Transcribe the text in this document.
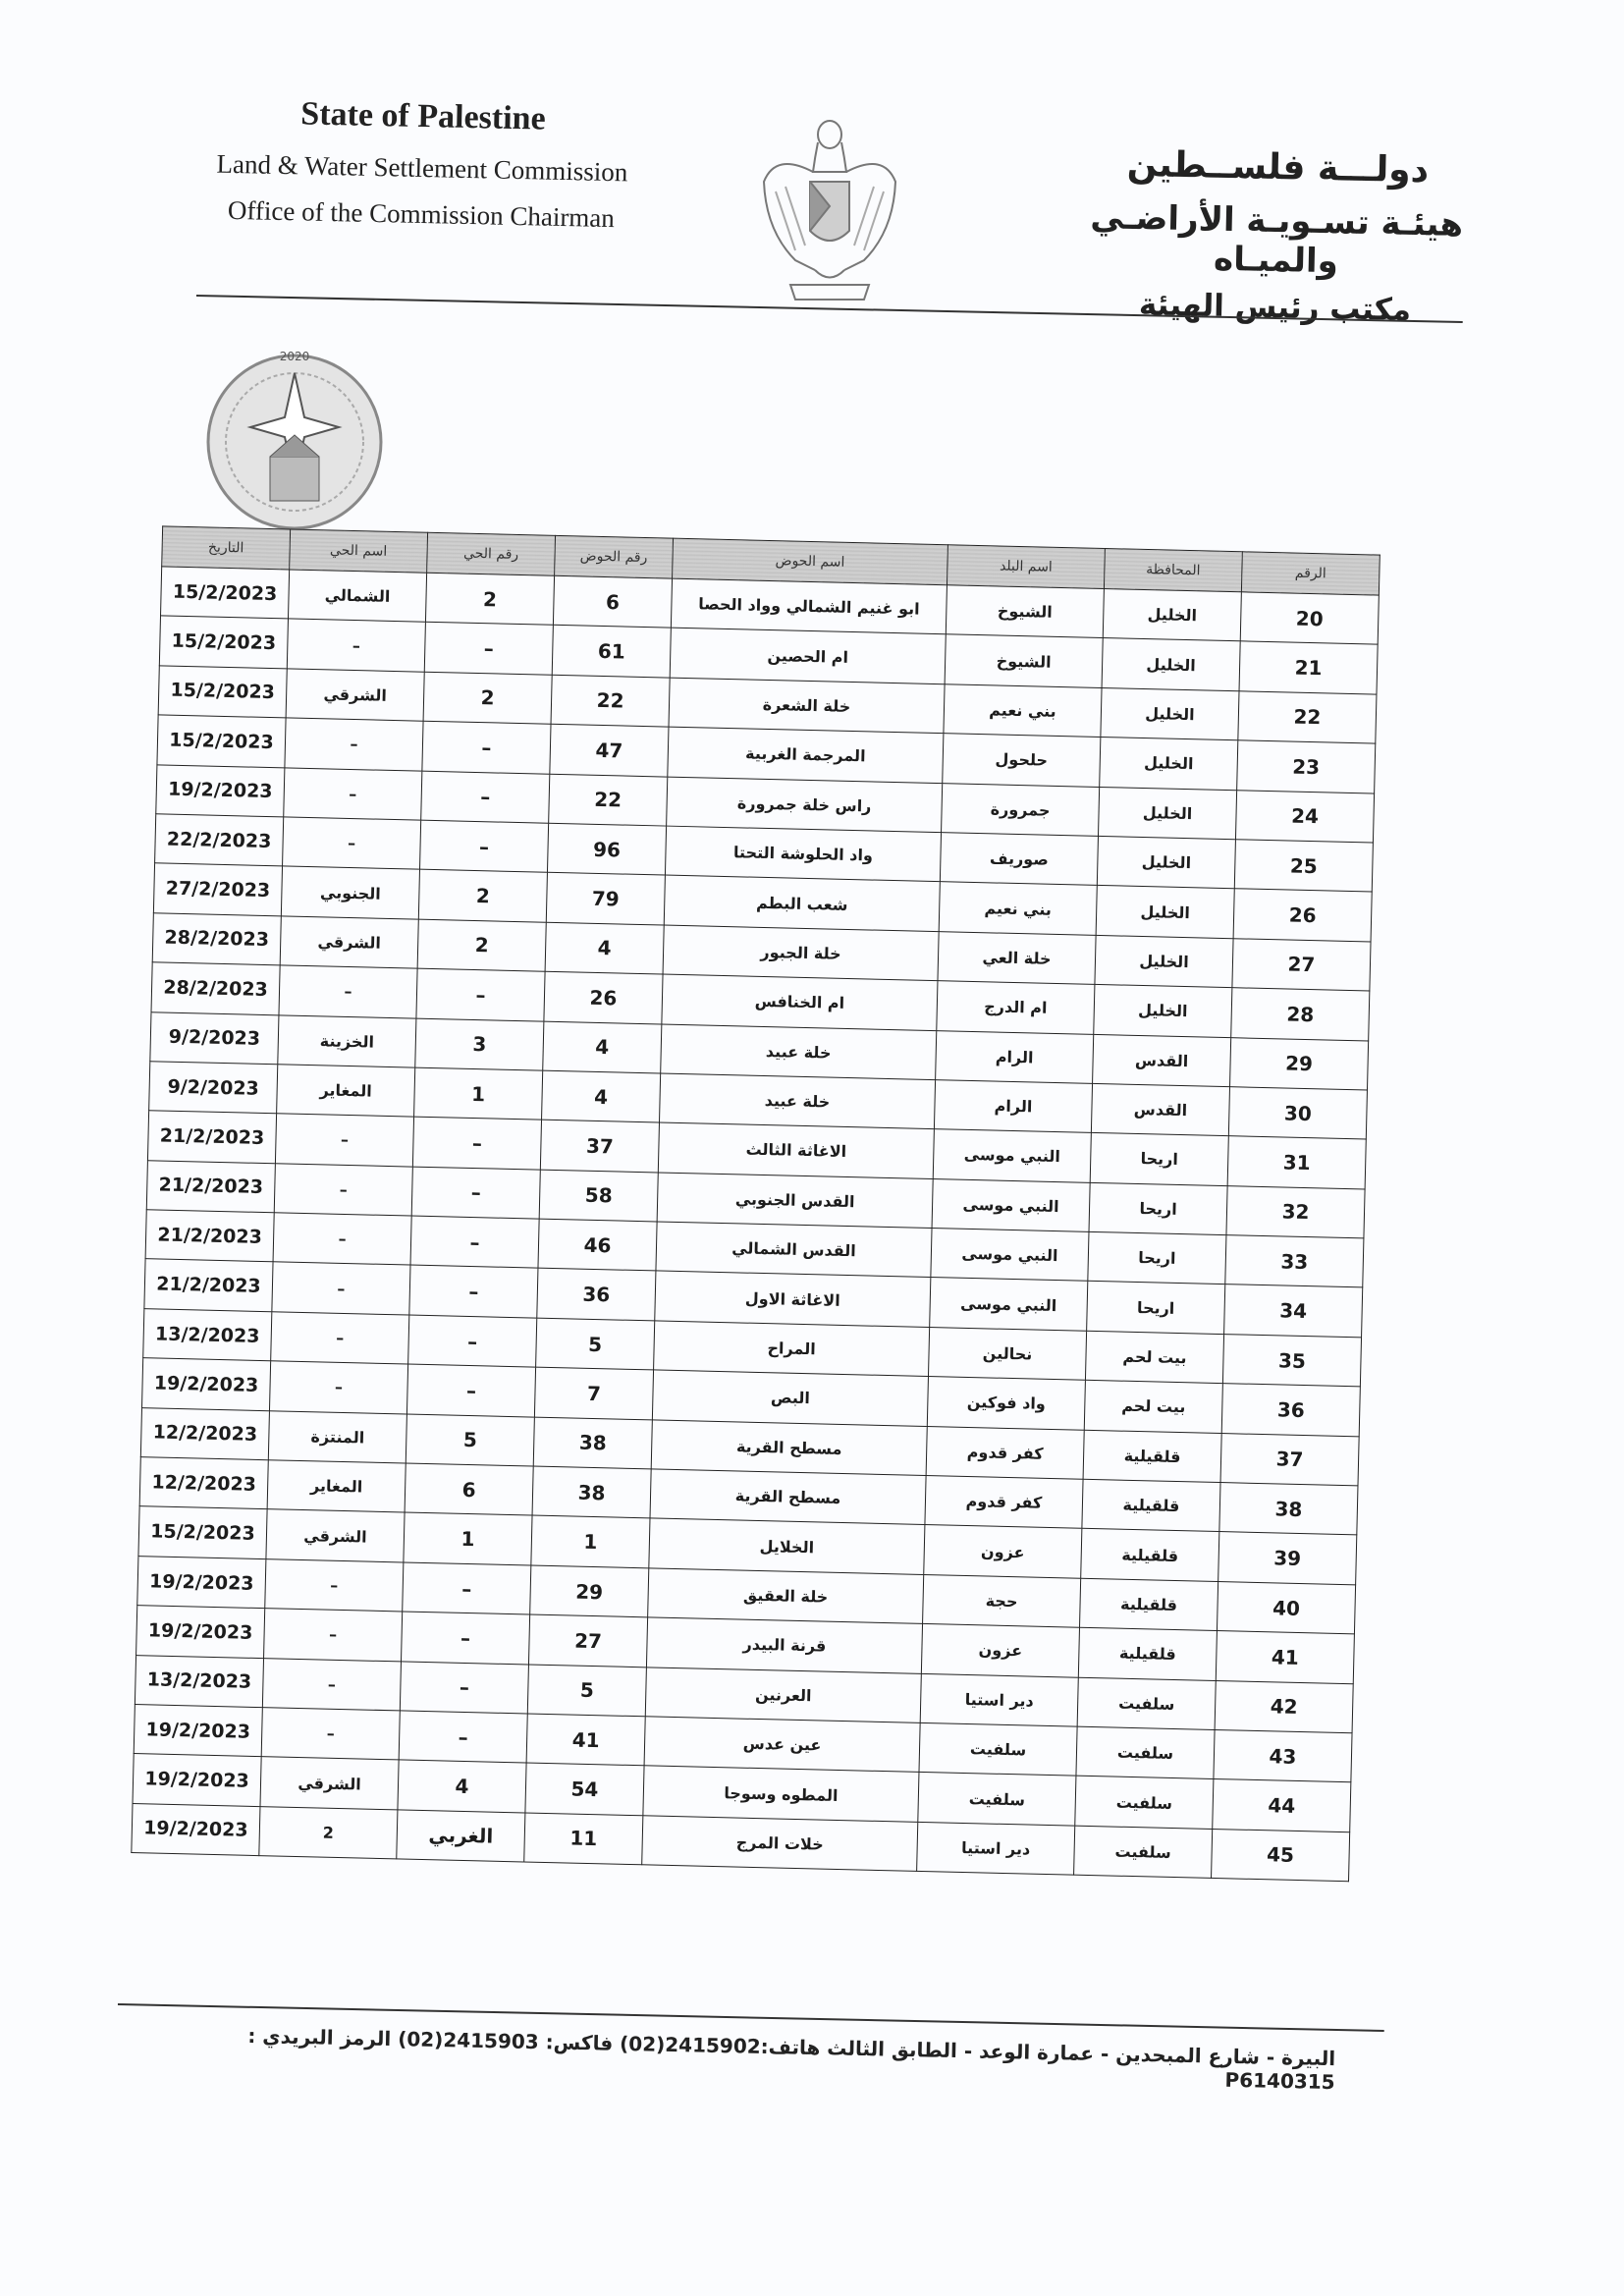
State of Palestine
Land & Water Settlement Commission
Office of the Commission Chairman
دولـــة فلســطين
هيئـة تسـويـة الأراضـي والميـاه
مكتب رئيس الهيئة
2020
الرقم	المحافظة	اسم البلد	اسم الحوض	رقم الحوض	رقم الحي	اسم الحي	التاريخ
20	الخليل	الشيوخ	ابو غنيم الشمالي وواد الحصا	6	2	الشمالي	15/2/2023
21	الخليل	الشيوخ	ام الحصين	61	–	–	15/2/2023
22	الخليل	بني نعيم	خلة الشعرة	22	2	الشرقي	15/2/2023
23	الخليل	حلحول	المرجمة الغربية	47	–	–	15/2/2023
24	الخليل	جمرورة	راس خلة جمرورة	22	–	–	19/2/2023
25	الخليل	صوريف	واد الحلوشة التحتا	96	–	–	22/2/2023
26	الخليل	بني نعيم	شعب البطم	79	2	الجنوبي	27/2/2023
27	الخليل	خلة العي	خلة الجبور	4	2	الشرقي	28/2/2023
28	الخليل	ام الدرج	ام الخنافس	26	–	–	28/2/2023
29	القدس	الرام	خلة عبيد	4	3	الخزينة	9/2/2023
30	القدس	الرام	خلة عبيد	4	1	المغاير	9/2/2023
31	اريحا	النبي موسى	الاغاثة الثالث	37	–	–	21/2/2023
32	اريحا	النبي موسى	القدس الجنوبي	58	–	–	21/2/2023
33	اريحا	النبي موسى	القدس الشمالي	46	–	–	21/2/2023
34	اريحا	النبي موسى	الاغاثة الاول	36	–	–	21/2/2023
35	بيت لحم	نحالين	المراح	5	–	–	13/2/2023
36	بيت لحم	واد فوكين	البص	7	–	–	19/2/2023
37	قلقيلية	كفر قدوم	مسطح القرية	38	5	المنتزة	12/2/2023
38	قلقيلية	كفر قدوم	مسطح القرية	38	6	المغاير	12/2/2023
39	قلقيلية	عزون	الخلايل	1	1	الشرقي	15/2/2023
40	قلقيلية	حجة	خلة العقيق	29	–	–	19/2/2023
41	قلقيلية	عزون	قرنة البيدر	27	–	–	19/2/2023
42	سلفيت	دير استيا	العرنين	5	–	–	13/2/2023
43	سلفيت	سلفيت	عين عدس	41	–	–	19/2/2023
44	سلفيت	سلفيت	المطوه وسوجا	54	4	الشرقي	19/2/2023
45	سلفيت	دير استيا	خلات المرج	11	الغربي	2	19/2/2023
البيرة - شارع المبحدين - عمارة الوعد - الطابق الثالث هاتف:2415902(02) فاكس: 2415903(02) الرمز البريدي : P6140315
